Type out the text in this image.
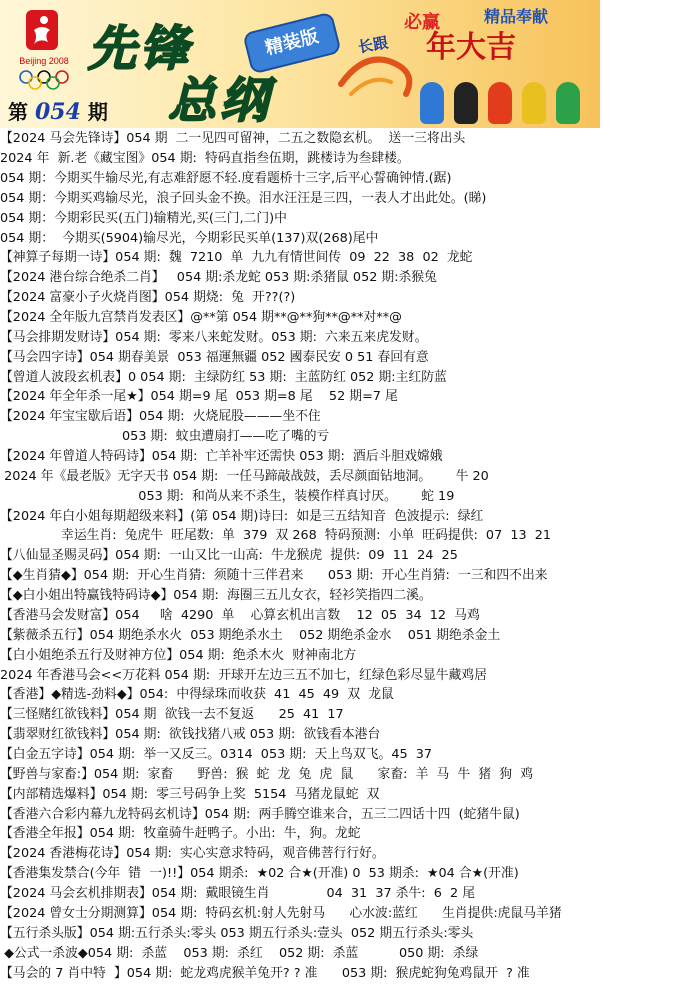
Beijing 2008 先锋
总纲
精装版
第 054 期
必赢	精品奉献
长跟 年大吉
【2024 马会先锋诗】054 期  二一见四可留神，二五之数隐玄机。  送一三将出头
2024 年  新.老《藏宝图》054 期:  特码直指叁伍期，跳楼诗为叁肆楼。
054 期：今期买牛输尽光,有志难舒愿不轻.度看题桥十三字,后平心誓确钟情.(踞)
054 期：今期买鸡输尽光，浪子回头金不换。泪水汪汪是三四，一表人才出此处。(睇)
054 期：今期彩民买(五门)输精光,买(三门,二门)中
054 期：  今期买(5904)输尽光，今期彩民买单(137)双(268)尾中
【神算子每期一诗】054 期:  魏  7210  单  九九有情世间传  09  22  38  02  龙蛇
【2024 港台综合绝杀二肖】   054 期:杀龙蛇 053 期:杀猪鼠 052 期:杀猴兔
【2024 富豪小子火烧肖图】054 期烧:  兔  开??(?)
【2024 全年版九宫禁肖发表区】@**第 054 期**@**狗**@**对**@
【马会排期发财诗】054 期:  零来八来蛇发财。053 期:  六来五来虎发财。
【马会四字诗】054 期春美景  053 福運無疆 052 國泰民安 0 51 春回有意
【曾道人波段玄机表】0 054 期:  主绿防红 53 期:  主蓝防红 052 期:主红防蓝
【2024 年全年杀一尾★】054 期=9 尾  053 期=8 尾    52 期=7 尾
【2024 年宝宝歇后语】054 期:  火烧屁股———坐不住
053 期:  蚊虫遭扇打——吃了嘴的亏
【2024 年曾道人特码诗】054 期:  亡羊补牢还需快 053 期:  酒后斗胆戏嫦娥
2024 年《最老版》无字天书 054 期:  一任马蹄敲战鼓，丢尽颜面钻地洞。      牛 20
053 期:  和尚从来不杀生，装模作样真讨厌。      蛇 19
【2024 年白小姐每期超级来料】(第 054 期)诗曰:  如是三五结知音  色波提示:  绿红
幸运生肖:  兔虎牛  旺尾数:  单  379  双 268  特码预测:  小单  旺码提供:  07  13  21
【八仙显圣赐灵码】054 期:  一山又比一山高:  牛龙猴虎  提供:  09  11  24  25
【◆生肖猜◆】054 期:  开心生肖猜:  须随十三伴君来      053 期:  开心生肖猜:  一三和四不出来
【◆白小姐出特赢钱特码诗◆】054 期:  海圈三五儿女衣，轻衫笑指四二溪。
【香港马会发财富】054     啥  4290  单    心算玄机出言数    12  05  34  12  马鸡
【紫薇杀五行】054 期绝杀水火  053 期绝杀水土    052 期绝杀金水    051 期绝杀金土
【白小姐绝杀五行及财神方位】054 期:  绝杀木火  财神南北方
2024 年香港马会<<万花料 054 期:  开球开左边三五不加七，红绿色彩尽显牛藏鸡居
【香港】◆精选-劲料◆】054:  中得绿珠而收获  41  45  49  双  龙鼠
【三怪赌红欲钱料】054 期  欲钱一去不复返      25  41  17
【翡翠财红欲钱料】054 期:  欲钱找猪八戒 053 期:  欲钱看本港台
【白金五字诗】054 期:  举一又反三。0314  053 期:  天上鸟双飞。45  37
【野兽与家畜:】054 期:  家畜      野兽:  猴  蛇  龙  兔  虎  鼠      家畜:  羊  马  牛  猪  狗  鸡
【内部精选爆料】054 期:  零三号码争上奖  5154  马猪龙鼠蛇  双
【香港六合彩内幕九龙特码玄机诗】054 期:  两手腾空谁来合，五三二四话十四  (蛇猪牛鼠)
【香港全年报】054 期:  牧童骑牛赶鸭子。小出:  牛，狗。龙蛇
【2024 香港梅花诗】054 期:  实心实意求特码，观音佛菩行行好。
【香港集发禁合(今年  错  一)!!】054 期杀:  ★02 合★(开准) 0  53 期杀:  ★04 合★(开准)
【2024 马会玄机排期表】054 期:  戴眼镜生肖              04  31  37 杀牛:  6  2 尾
【2024 曾女士分期测算】054 期:  特码玄机:射人先射马      心水波:蓝红      生肖提供:虎鼠马羊猪
【五行杀头版】054 期:五行杀头:零头 053 期五行杀头:壹头  052 期五行杀头:零头
◆公式一杀波◆054 期:  杀蓝    053 期:  杀红    052 期:  杀蓝          050 期:  杀绿
【马会的 7 肖中特  】054 期:  蛇龙鸡虎猴羊兔开? ? 准      053 期:  猴虎蛇狗兔鸡鼠开  ? 准
